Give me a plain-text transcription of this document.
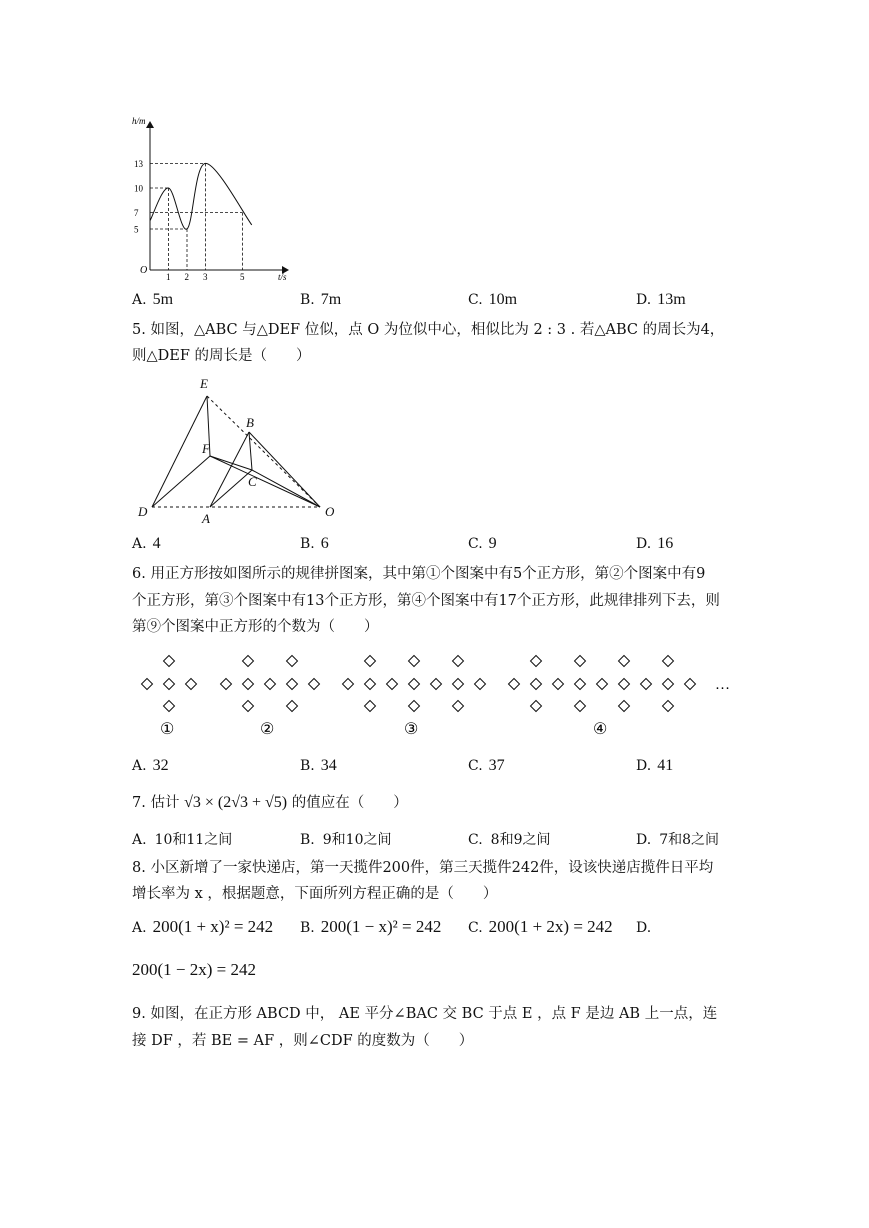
13
10
7
5
1 2 3	5
h/m
t/s
O
A. 5m	B. 7m	C. 10m	D. 13m
5. 如图，△ABC 与△DEF 位似，点 O 为位似中心，相似比为 2 : 3 . 若△ABC 的周长为4，
则△DEF 的周长是（　　）
E
B
F
C
D	A	O
A. 4	B. 6	C. 9	D. 16
6. 用正方形按如图所示的规律拼图案，其中第①个图案中有5个正方形，第②个图案中有9
个正方形，第③个图案中有13个正方形，第④个图案中有17个正方形，此规律排列下去，则
第⑨个图案中正方形的个数为（　　）
①	②	③	④
…
A. 32	B. 34	C. 37	D. 41
7. 估计 √3 × (2√3 + √5) 的值应在（　　）
A. 10和11之间	B. 9和10之间	C. 8和9之间	D. 7和8之间
8. 小区新增了一家快递店，第一天揽件200件，第三天揽件242件，设该快递店揽件日平均
增长率为 x ，根据题意，下面所列方程正确的是（　　）
A. 200(1 + x)² = 242 B. 200(1 − x)² = 242 C. 200(1 + 2x) = 242 D.
200(1 − 2x) = 242
9. 如图，在正方形 ABCD 中， AE 平分∠BAC 交 BC 于点 E ，点 F 是边 AB 上一点，连
接 DF ，若 BE = AF ，则∠CDF 的度数为（　　）
